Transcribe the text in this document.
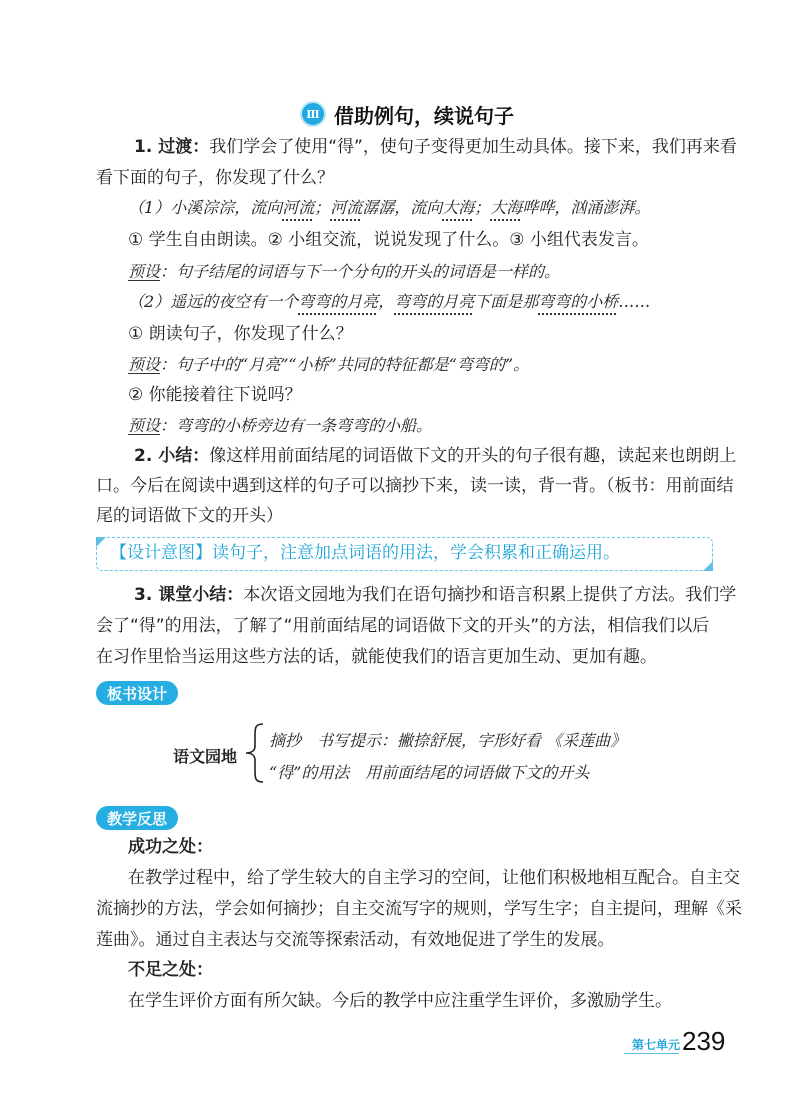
Ⅲ 借助例句，续说句子
1. 过渡：我们学会了使用“得”，使句子变得更加生动具体。接下来，我们再来看
看下面的句子，你发现了什么？
（1）小溪淙淙，流向河流；河流潺潺，流向大海；大海哗哗，汹涌澎湃。
① 学生自由朗读。② 小组交流，说说发现了什么。③ 小组代表发言。
预设：句子结尾的词语与下一个分句的开头的词语是一样的。
（2）遥远的夜空有一个弯弯的月亮，弯弯的月亮下面是那弯弯的小桥……
① 朗读句子，你发现了什么？
预设：句子中的“月亮”“小桥”共同的特征都是“弯弯的”。
② 你能接着往下说吗？
预设：弯弯的小桥旁边有一条弯弯的小船。
2. 小结：像这样用前面结尾的词语做下文的开头的句子很有趣，读起来也朗朗上
口。今后在阅读中遇到这样的句子可以摘抄下来，读一读，背一背。（板书：用前面结
尾的词语做下文的开头）
【设计意图】读句子，注意加点词语的用法，学会积累和正确运用。
3. 课堂小结：本次语文园地为我们在语句摘抄和语言积累上提供了方法。我们学
会了“得”的用法，了解了“用前面结尾的词语做下文的开头”的方法，相信我们以后
在习作里恰当运用这些方法的话，就能使我们的语言更加生动、更加有趣。
板书设计
语文园地
摘抄　书写提示：撇捺舒展，字形好看 《采莲曲》
“得”的用法　用前面结尾的词语做下文的开头
教学反思
成功之处：
在教学过程中，给了学生较大的自主学习的空间，让他们积极地相互配合。自主交
流摘抄的方法，学会如何摘抄；自主交流写字的规则，学写生字；自主提问，理解《采
莲曲》。通过自主表达与交流等探索活动，有效地促进了学生的发展。
不足之处：
在学生评价方面有所欠缺。今后的教学中应注重学生评价，多激励学生。
第七单元 239
